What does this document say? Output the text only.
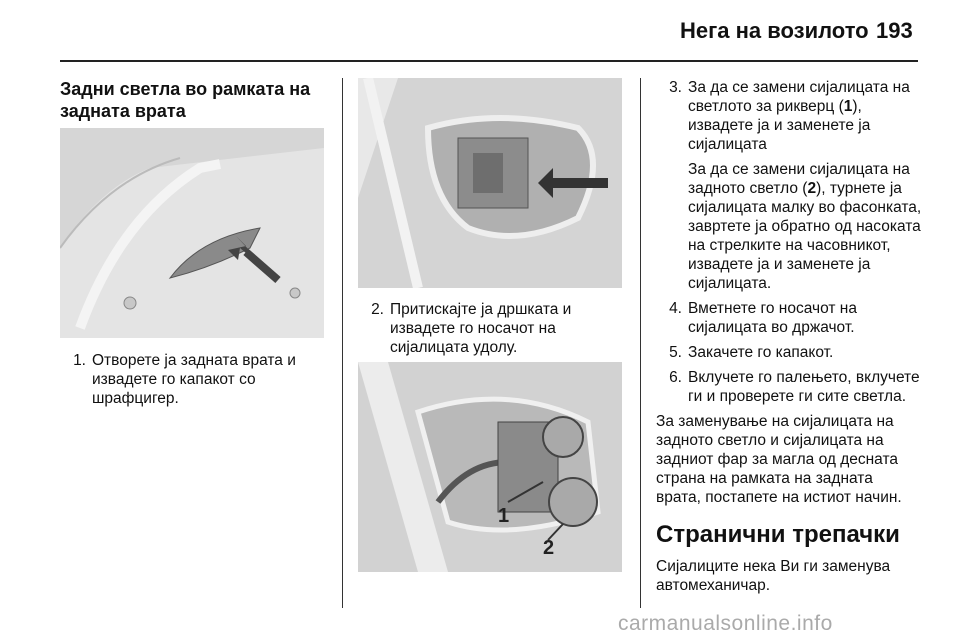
Нега на возилото 193
Задни светла во рамката на задната врата
1. Отворете ја задната врата и извадете го капакот со шрафцигер.
2. Притискајте ја дршката и извадете го носачот на сијалицата удолу.
1
2
3. За да се замени сијалицата на светлото за рикверц (1), извадете ја и заменете ја сијалицата

За да се замени сијалицата на задното светло (2), турнете ја сијалицата малку во фасонката, завртете ја обратно од насоката на стрелките на часовникот, извадете ја и заменете ја сијалицата.

4. Вметнете го носачот на сијалицата во држачот.
5. Закачете го капакот.
6. Вклучете го палењето, вклучете ги и проверете ги сите светла.

За заменување на сијалицата на задното светло и сијалицата на задниот фар за магла од десната страна на рамката на задната врата, постапете на истиот начин.

Странични трепачки

Сијалиците нека Ви ги заменува автомеханичар.

carmanualsonline.info
